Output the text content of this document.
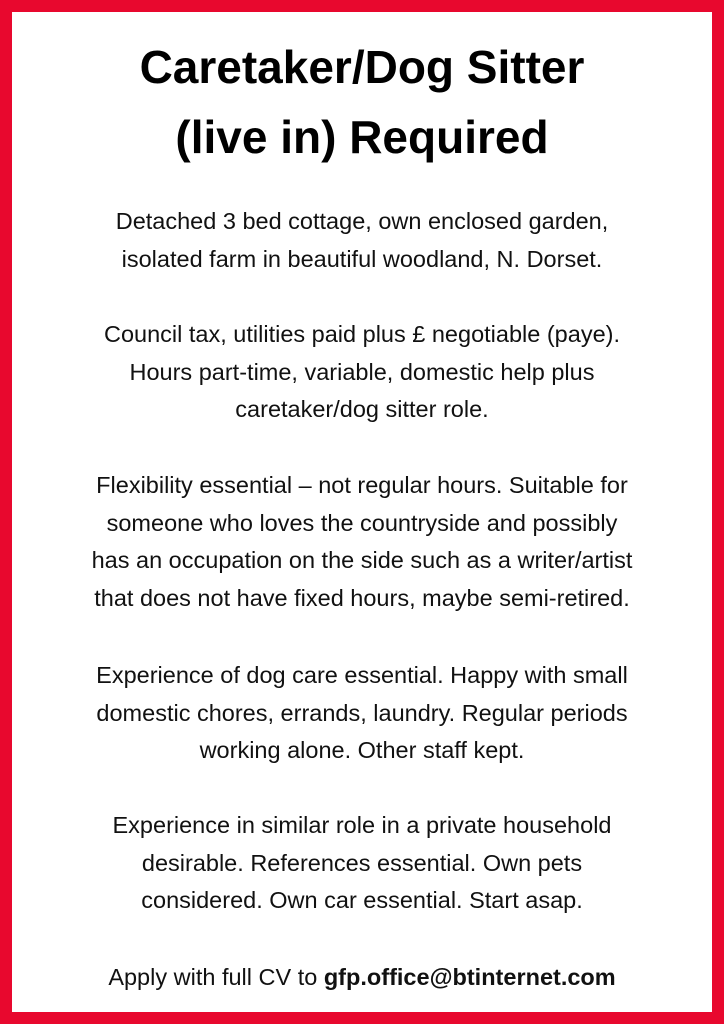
Caretaker/Dog Sitter
(live in) Required

Detached 3 bed cottage, own enclosed garden,
isolated farm in beautiful woodland, N. Dorset.

Council tax, utilities paid plus £ negotiable (paye).
Hours part-time, variable, domestic help plus
caretaker/dog sitter role.

Flexibility essential – not regular hours. Suitable for
someone who loves the countryside and possibly
has an occupation on the side such as a writer/artist
that does not have fixed hours, maybe semi-retired.

Experience of dog care essential. Happy with small
domestic chores, errands, laundry. Regular periods
working alone. Other staff kept.

Experience in similar role in a private household
desirable. References essential. Own pets
considered. Own car essential. Start asap.

Apply with full CV to gfp.office@btinternet.com
